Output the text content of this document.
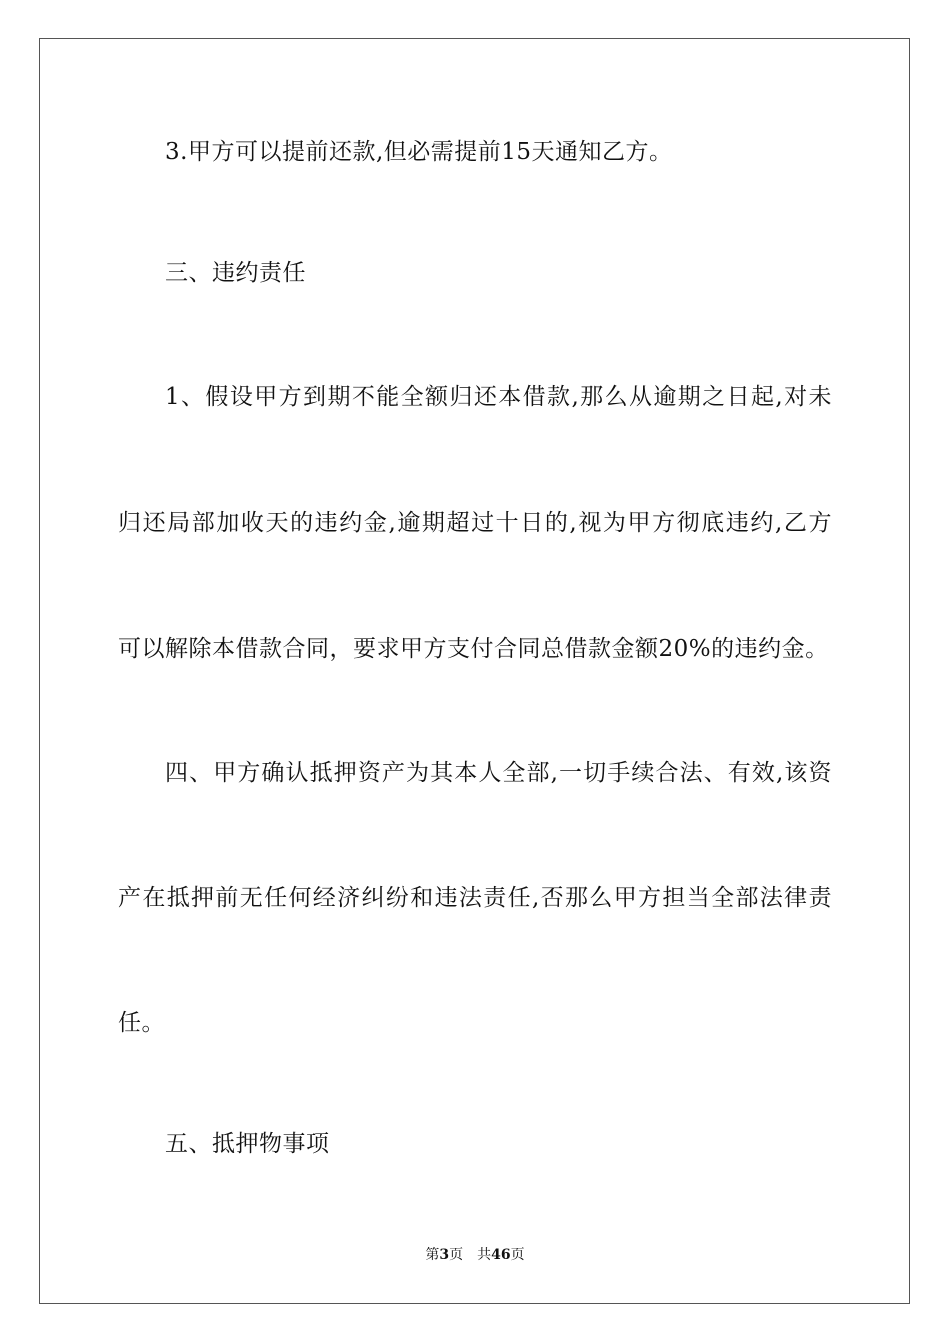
3.甲方可以提前还款,但必需提前15天通知乙方。
三、违约责任
1、假设甲方到期不能全额归还本借款,那么从逾期之日起,对未
归还局部加收天的违约金,逾期超过十日的,视为甲方彻底违约,乙方
可以解除本借款合同，要求甲方支付合同总借款金额20%的违约金。
四、甲方确认抵押资产为其本人全部,一切手续合法、有效,该资
产在抵押前无任何经济纠纷和违法责任,否那么甲方担当全部法律责
任。
五、抵押物事项
第3页 共46页
